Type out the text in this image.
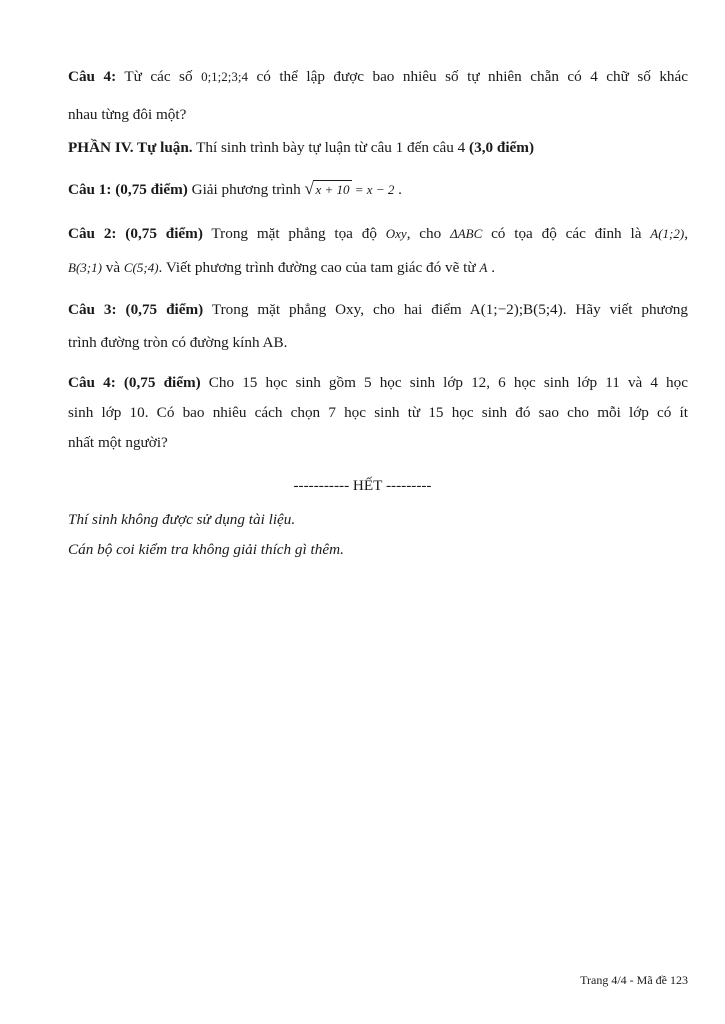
Câu 4: Từ các số 0;1;2;3;4 có thể lập được bao nhiêu số tự nhiên chẵn có 4 chữ số khác
nhau từng đôi một?
PHẦN IV. Tự luận. Thí sinh trình bày tự luận từ câu 1 đến câu 4 (3,0 điểm)
Câu 1: (0,75 điểm) Giải phương trình √ x + 10 = x − 2 .
Câu 2: (0,75 điểm) Trong mặt phẳng tọa độ Oxy, cho ΔABC có tọa độ các đỉnh là A(1;2),
B(3;1) và C(5;4). Viết phương trình đường cao của tam giác đó vẽ từ A .
Câu 3: (0,75 điểm) Trong mặt phẳng Oxy, cho hai điểm A(1;−2);B(5;4). Hãy viết phương
trình đường tròn có đường kính AB.
Câu 4: (0,75 điểm) Cho 15 học sinh gồm 5 học sinh lớp 12, 6 học sinh lớp 11 và 4 học
sinh lớp 10. Có bao nhiêu cách chọn 7 học sinh từ 15 học sinh đó sao cho mỗi lớp có ít
nhất một người?
----------- HẾT ---------
Thí sinh không được sử dụng tài liệu.
Cán bộ coi kiểm tra không giải thích gì thêm.
Trang 4/4 - Mã đề 123
